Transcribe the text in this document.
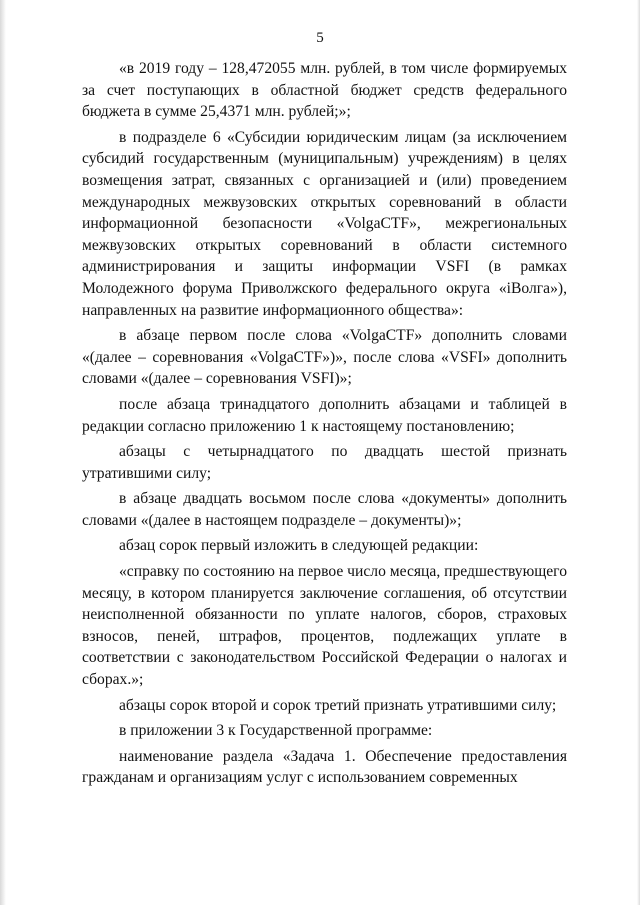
5

«в 2019 году – 128,472055 млн. рублей, в том числе формируемых за счет поступающих в областной бюджет средств федерального бюджета в сумме 25,4371 млн. рублей;»;

в подразделе 6 «Субсидии юридическим лицам (за исключением субсидий государственным (муниципальным) учреждениям) в целях возмещения затрат, связанных с организацией и (или) проведением международных межвузовских открытых соревнований в области информационной безопасности «VolgaCTF», межрегиональных межвузовских открытых соревнований в области системного администрирования и защиты информации VSFI (в рамках Молодежного форума Приволжского федерального округа «iВолга»), направленных на развитие информационного общества»:

в абзаце первом после слова «VolgaCTF» дополнить словами «(далее – соревнования «VolgaCTF»)», после слова «VSFI» дополнить словами «(далее – соревнования VSFI)»;

после абзаца тринадцатого дополнить абзацами и таблицей в редакции согласно приложению 1 к настоящему постановлению;

абзацы с четырнадцатого по двадцать шестой признать утратившими силу;

в абзаце двадцать восьмом после слова «документы» дополнить словами «(далее в настоящем подразделе – документы)»;

абзац сорок первый изложить в следующей редакции:

«справку по состоянию на первое число месяца, предшествующего месяцу, в котором планируется заключение соглашения, об отсутствии неисполненной обязанности по уплате налогов, сборов, страховых взносов, пеней, штрафов, процентов, подлежащих уплате в соответствии с законодательством Российской Федерации о налогах и сборах.»;

абзацы сорок второй и сорок третий признать утратившими силу;

в приложении 3 к Государственной программе:

наименование раздела «Задача 1. Обеспечение предоставления гражданам и организациям услуг с использованием современных
